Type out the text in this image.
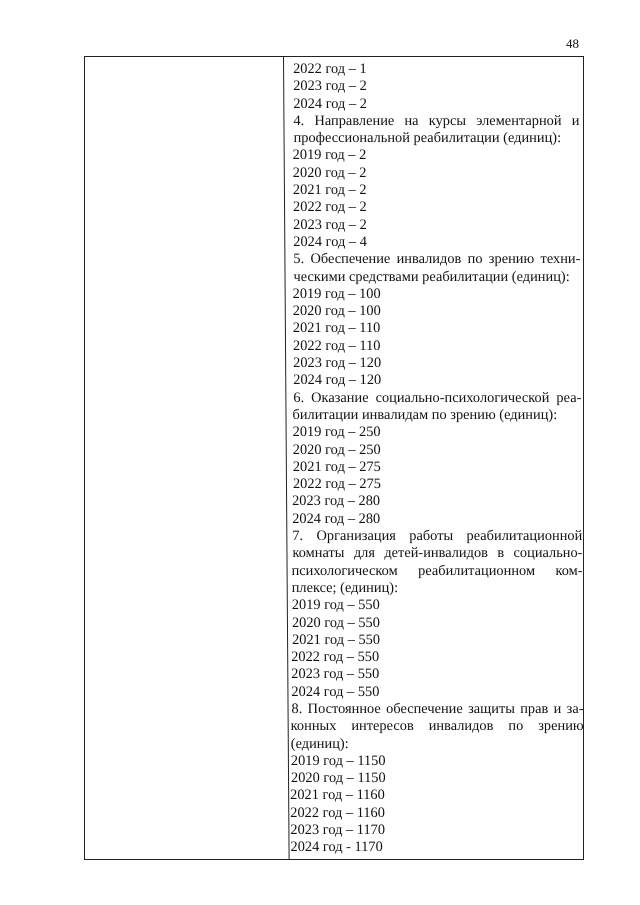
48
2022 год – 1
2023 год – 2
2024 год – 2
4. Направление на курсы элементарной и
профессиональной реабилитации (единиц):
2019 год – 2
2020 год – 2
2021 год – 2
2022 год – 2
2023 год – 2
2024 год – 4
5. Обеспечение инвалидов по зрению техни-
ческими средствами реабилитации (единиц):
2019 год – 100
2020 год – 100
2021 год – 110
2022 год – 110
2023 год – 120
2024 год – 120
6. Оказание социально-психологической реа-
билитации инвалидам по зрению (единиц):
2019 год – 250
2020 год – 250
2021 год – 275
2022 год – 275
2023 год – 280
2024 год – 280
7. Организация работы реабилитационной
комнаты для детей-инвалидов в социально-
психологическом реабилитационном ком-
плексе; (единиц):
2019 год – 550
2020 год – 550
2021 год – 550
2022 год – 550
2023 год – 550
2024 год – 550
8. Постоянное обеспечение защиты прав и за-
конных интересов инвалидов по зрению
(единиц):
2019 год – 1150
2020 год – 1150
2021 год – 1160
2022 год – 1160
2023 год – 1170
2024 год - 1170
